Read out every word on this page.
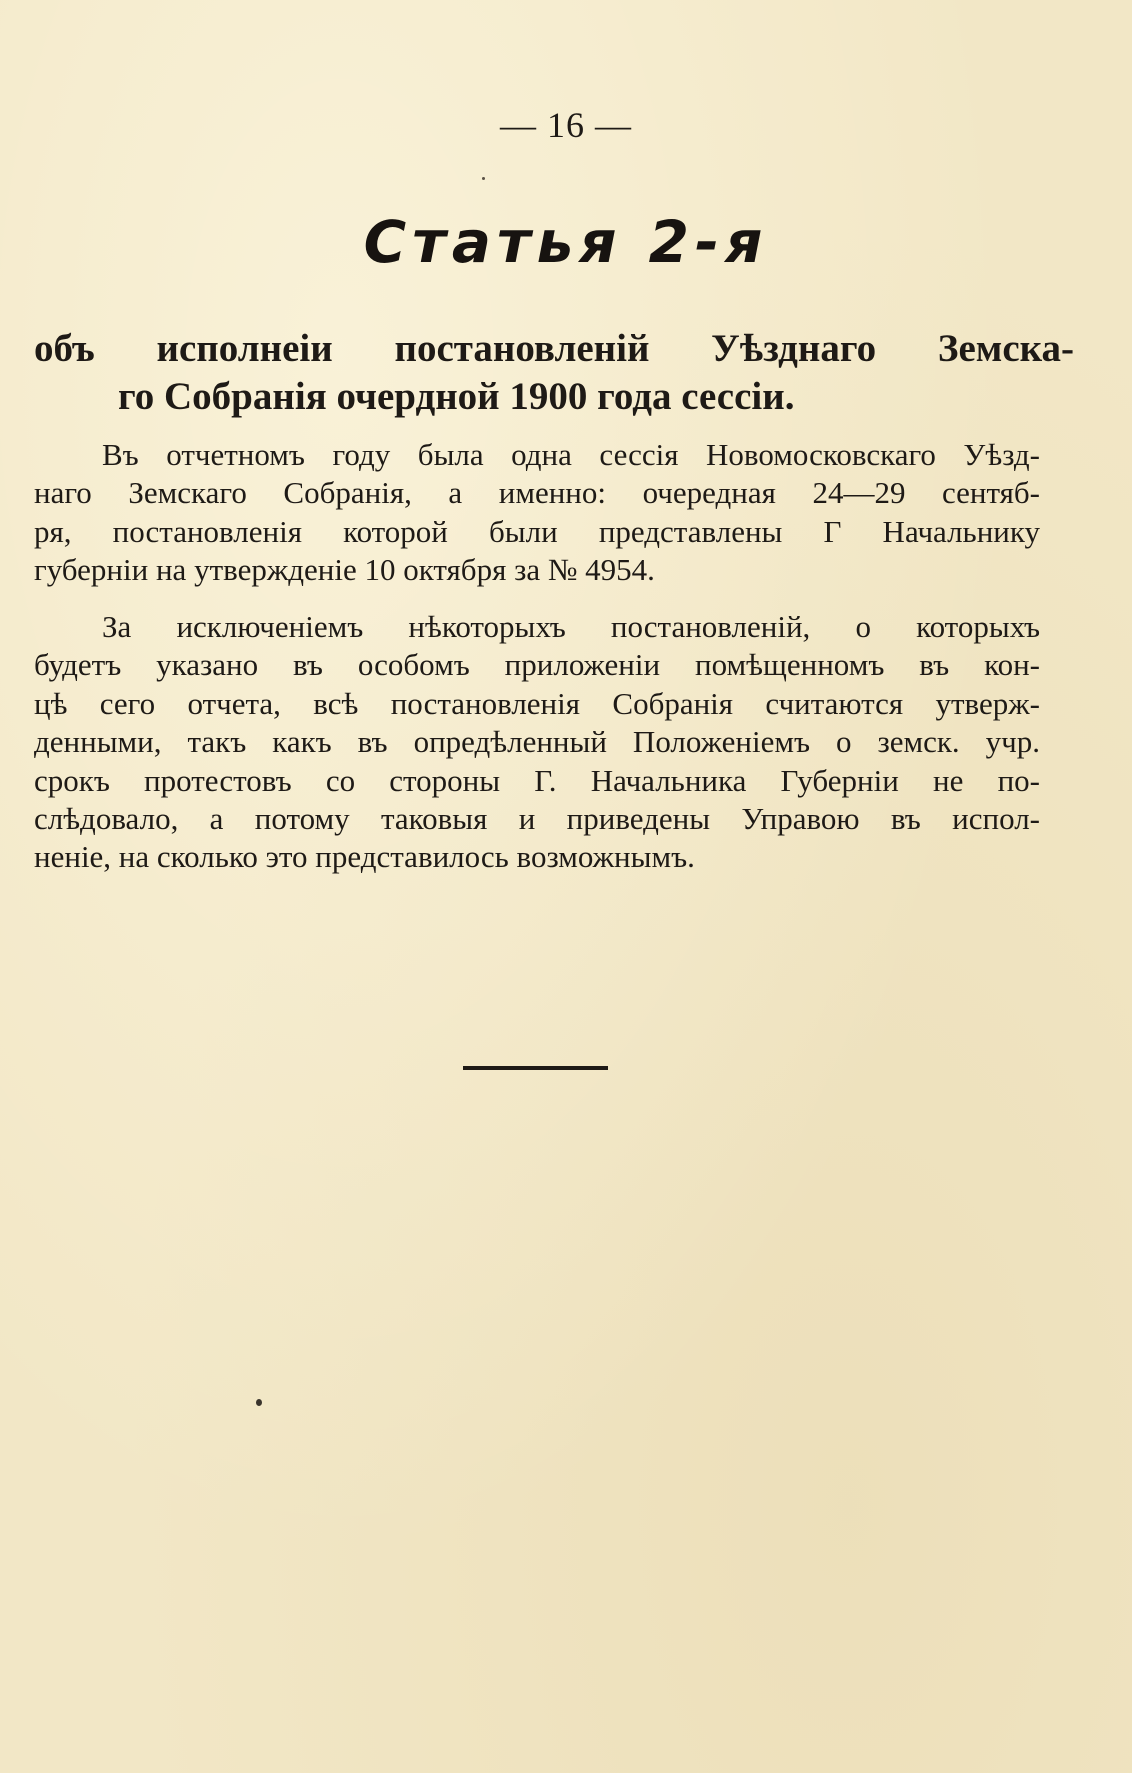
— 16 —
Статья 2-я
объ исполнеіи постановленій Уѣзднаго Земска-
го Собранія очердной 1900 года сессіи.
Въ отчетномъ году была одна сессія Новомосковскаго Уѣзд-
наго Земскаго Собранія, а именно: очередная 24—29 сентяб-
ря, постановленія которой были представлены Г Начальнику
губерніи на утвержденіе 10 октября за № 4954.
За исключеніемъ нѣкоторыхъ постановленій, о которыхъ
будетъ указано въ особомъ приложеніи помѣщенномъ въ кон-
цѣ сего отчета, всѣ постановленія Собранія считаются утверж-
денными, такъ какъ въ опредѣленный Положеніемъ о земск. учр.
срокъ протестовъ со стороны Г. Начальника Губерніи не по-
слѣдовало, а потому таковыя и приведены Управою въ испол-
неніе, на сколько это представилось возможнымъ.
